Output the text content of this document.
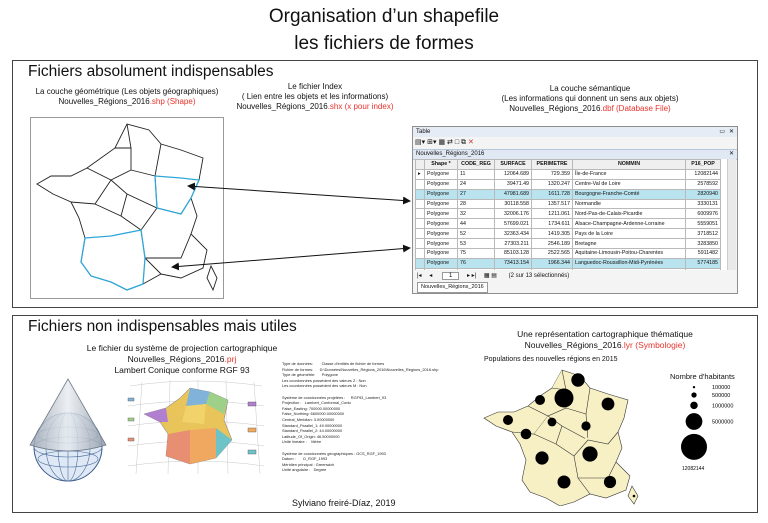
Organisation d’un shapefile
les fichiers de formes
Fichiers absolument indispensables
La couche géométrique (Les objets géographiques)
Nouvelles_Régions_2016.shp (Shape)
Le fichier Index
( Lien entre les objets et les informations)
Nouvelles_Régions_2016.shx (x pour index)
La couche sémantique
(Les informations qui donnent un sens aux objets)
Nouvelles_Régions_2016.dbf (Database File)
Table	▭ ✕
▤▾ ⊞▾ ▦ ⇄ □ ⧉ ✕
Nouvelles_Régions_2016	✕
	Shape *	CODE_REG	SURFACE	PERIMETRE	NOMMIN	P16_POP
▸	Polygone	11	12064.689	729.359	Île-de-France	12082144
	Polygone	24	39471.49	1320.247	Centre-Val de Loire	2578592
	Polygone	27	47981.689	1611.728	Bourgogne-Franche-Comté	2820940
	Polygone	28	30118.558	1357.517	Normandie	3330131
	Polygone	32	32006.176	1211.061	Nord-Pas-de-Calais-Picardie	6009976
	Polygone	44	57699.021	1734.611	Alsace-Champagne-Ardenne-Lorraine	5559051
	Polygone	52	32363.434	1419.305	Pays de la Loire	3718512
	Polygone	53	27303.211	2546.189	Bretagne	3283850
	Polygone	75	85103.128	2522.565	Aquitaine-Limousin-Poitou-Charentes	5911482
	Polygone	76	73413.154	1966.344	Languedoc-Roussillon-Midi-Pyrénées	5774185

|◂ ◂	1 ▸ ▸| ▦ ▤ (2 sur 13 sélectionnés)
Nouvelles_Régions_2016
Fichiers non indispensables mais utiles
Le fichier du système de projection cartographique
Nouvelles_Régions_2016.prj
Lambert Conique conforme RGF 93
Type de données:        Classe d'entités de fichier de formes
Fichier de formes:      D:\Données\Nouvelles_Régions_2016\Nouvelles_Régions_2016.shp
Type de géométrie:      Polygone
Les coordonnées possèdent des valeurs Z : Non
Les coordonnées possèdent des valeurs M : Non

Système de coordonnées projetées :     RGF93_Lambert_93
Projection :   Lambert_Conformal_Conic
False_Easting: 700000.00000000
False_Northing: 6600000.00000000
Central_Meridian: 3.00000000
Standard_Parallel_1: 49.00000000
Standard_Parallel_2: 44.00000000
Latitude_Of_Origin: 46.50000000
Unité linéaire :    Mètre

Système de coordonnées géographiques : GCS_RGF_1993
Datum :       D_RGF_1993
Méridien principal : Greenwich
Unité angulaire :   Degree
Sylviano freiré-Díaz, 2019
Une représentation cartographique thématique
Nouvelles_Régions_2016.lyr (Symbologie)
Populations des nouvelles régions en 2015
Nombre d'habitants
100000
500000
1000000
5000000
12082144
